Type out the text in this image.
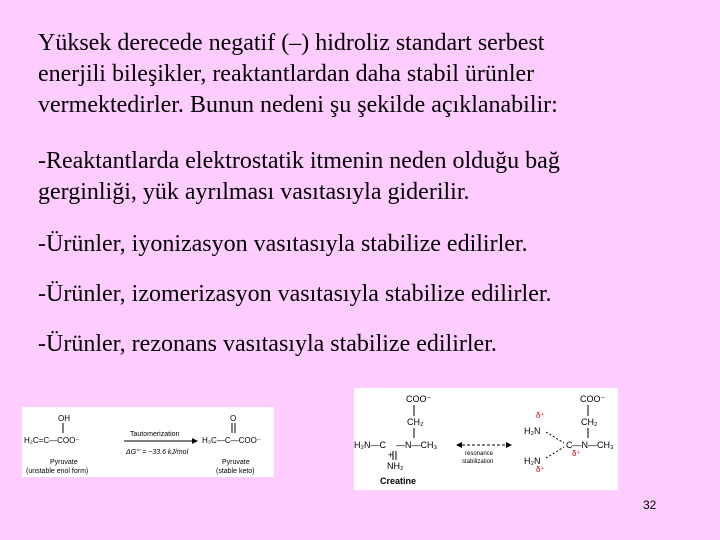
Yüksek derecede negatif (–) hidroliz standart serbest
enerjili bileşikler, reaktantlardan daha stabil ürünler
vermektedirler. Bunun nedeni şu şekilde açıklanabilir:

-Reaktantlarda elektrostatik itmenin neden olduğu bağ
gerginliği, yük ayrılması vasıtasıyla giderilir.

-Ürünler, iyonizasyon vasıtasıyla stabilize edilirler.

-Ürünler, izomerizasyon vasıtasıyla stabilize edilirler.

-Ürünler, rezonans vasıtasıyla stabilize edilirler.

OH
H₂C=C—COO⁻
Tautomerization
ΔG°' = −33.6 kJ/mol
O
H₃C—C—COO⁻
Pyruvate
(unstable enol form)
Pyruvate
(stable keto)
COO⁻
CH₂
H₂N—C —N—CH₃
+
NH₂
Creatine
resonance
stabilization
δ⁺
H₂N
C—N—CH₃
δ⁺
H₂N
δ⁺
COO⁻
CH₂
32
